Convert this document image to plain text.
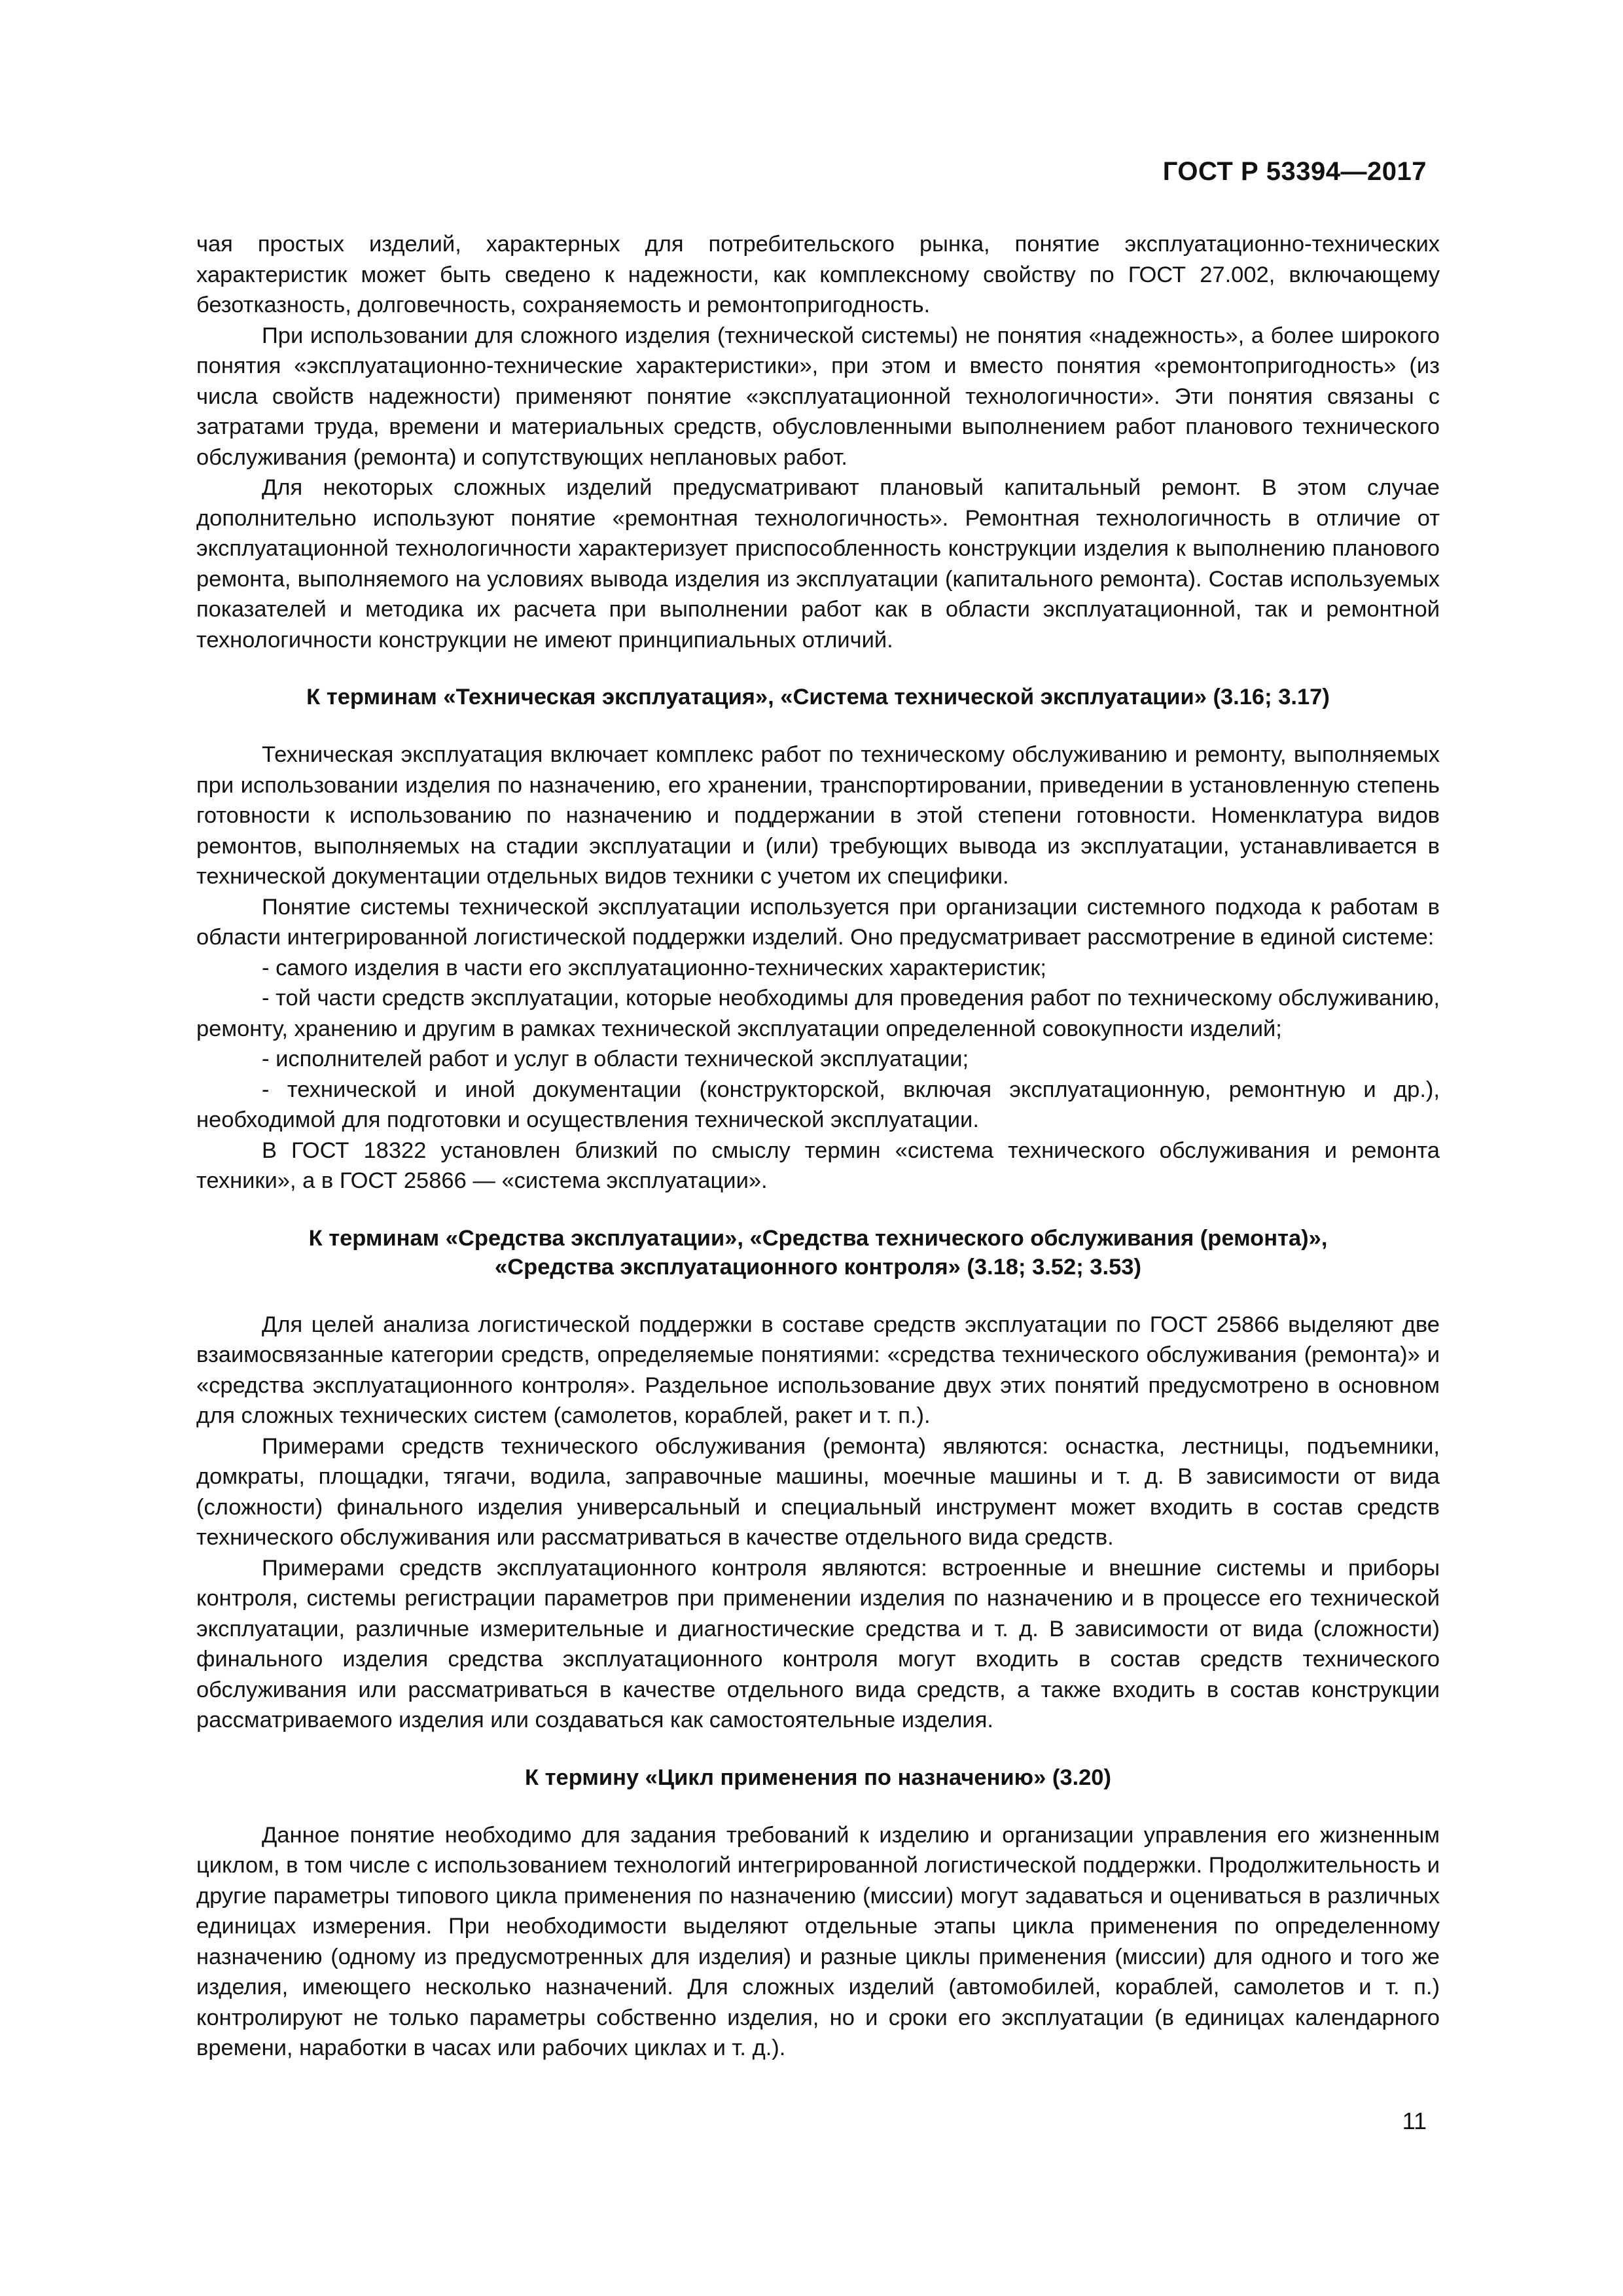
ГОСТ Р 53394—2017

чая простых изделий, характерных для потребительского рынка, понятие эксплуатационно-технических характеристик может быть сведено к надежности, как комплексному свойству по ГОСТ 27.002, включающему безотказность, долговечность, сохраняемость и ремонтопригодность.

При использовании для сложного изделия (технической системы) не понятия «надежность», а более широкого понятия «эксплуатационно-технические характеристики», при этом и вместо понятия «ремонтопригодность» (из числа свойств надежности) применяют понятие «эксплуатационной технологичности». Эти понятия связаны с затратами труда, времени и материальных средств, обусловленными выполнением работ планового технического обслуживания (ремонта) и сопутствующих неплановых работ.

Для некоторых сложных изделий предусматривают плановый капитальный ремонт. В этом случае дополнительно используют понятие «ремонтная технологичность». Ремонтная технологичность в отличие от эксплуатационной технологичности характеризует приспособленность конструкции изделия к выполнению планового ремонта, выполняемого на условиях вывода изделия из эксплуатации (капитального ремонта). Состав используемых показателей и методика их расчета при выполнении работ как в области эксплуатационной, так и ремонтной технологичности конструкции не имеют принципиальных отличий.

К терминам «Техническая эксплуатация», «Система технической эксплуатации» (3.16; 3.17)

Техническая эксплуатация включает комплекс работ по техническому обслуживанию и ремонту, выполняемых при использовании изделия по назначению, его хранении, транспортировании, приведении в установленную степень готовности к использованию по назначению и поддержании в этой степени готовности. Номенклатура видов ремонтов, выполняемых на стадии эксплуатации и (или) требующих вывода из эксплуатации, устанавливается в технической документации отдельных видов техники с учетом их специфики.

Понятие системы технической эксплуатации используется при организации системного подхода к работам в области интегрированной логистической поддержки изделий. Оно предусматривает рассмотрение в единой системе:

- самого изделия в части его эксплуатационно-технических характеристик;

- той части средств эксплуатации, которые необходимы для проведения работ по техническому обслуживанию, ремонту, хранению и другим в рамках технической эксплуатации определенной совокупности изделий;

- исполнителей работ и услуг в области технической эксплуатации;

- технической и иной документации (конструкторской, включая эксплуатационную, ремонтную и др.), необходимой для подготовки и осуществления технической эксплуатации.

В ГОСТ 18322 установлен близкий по смыслу термин «система технического обслуживания и ремонта техники», а в ГОСТ 25866 — «система эксплуатации».

К терминам «Средства эксплуатации», «Средства технического обслуживания (ремонта)»,
«Средства эксплуатационного контроля» (3.18; 3.52; 3.53)

Для целей анализа логистической поддержки в составе средств эксплуатации по ГОСТ 25866 выделяют две взаимосвязанные категории средств, определяемые понятиями: «средства технического обслуживания (ремонта)» и «средства эксплуатационного контроля». Раздельное использование двух этих понятий предусмотрено в основном для сложных технических систем (самолетов, кораблей, ракет и т. п.).

Примерами средств технического обслуживания (ремонта) являются: оснастка, лестницы, подъемники, домкраты, площадки, тягачи, водила, заправочные машины, моечные машины и т. д. В зависимости от вида (сложности) финального изделия универсальный и специальный инструмент может входить в состав средств технического обслуживания или рассматриваться в качестве отдельного вида средств.

Примерами средств эксплуатационного контроля являются: встроенные и внешние системы и приборы контроля, системы регистрации параметров при применении изделия по назначению и в процессе его технической эксплуатации, различные измерительные и диагностические средства и т. д. В зависимости от вида (сложности) финального изделия средства эксплуатационного контроля могут входить в состав средств технического обслуживания или рассматриваться в качестве отдельного вида средств, а также входить в состав конструкции рассматриваемого изделия или создаваться как самостоятельные изделия.

К термину «Цикл применения по назначению» (3.20)

Данное понятие необходимо для задания требований к изделию и организации управления его жизненным циклом, в том числе с использованием технологий интегрированной логистической поддержки. Продолжительность и другие параметры типового цикла применения по назначению (миссии) могут задаваться и оцениваться в различных единицах измерения. При необходимости выделяют отдельные этапы цикла применения по определенному назначению (одному из предусмотренных для изделия) и разные циклы применения (миссии) для одного и того же изделия, имеющего несколько назначений. Для сложных изделий (автомобилей, кораблей, самолетов и т. п.) контролируют не только параметры собственно изделия, но и сроки его эксплуатации (в единицах календарного времени, наработки в часах или рабочих циклах и т. д.).

11
